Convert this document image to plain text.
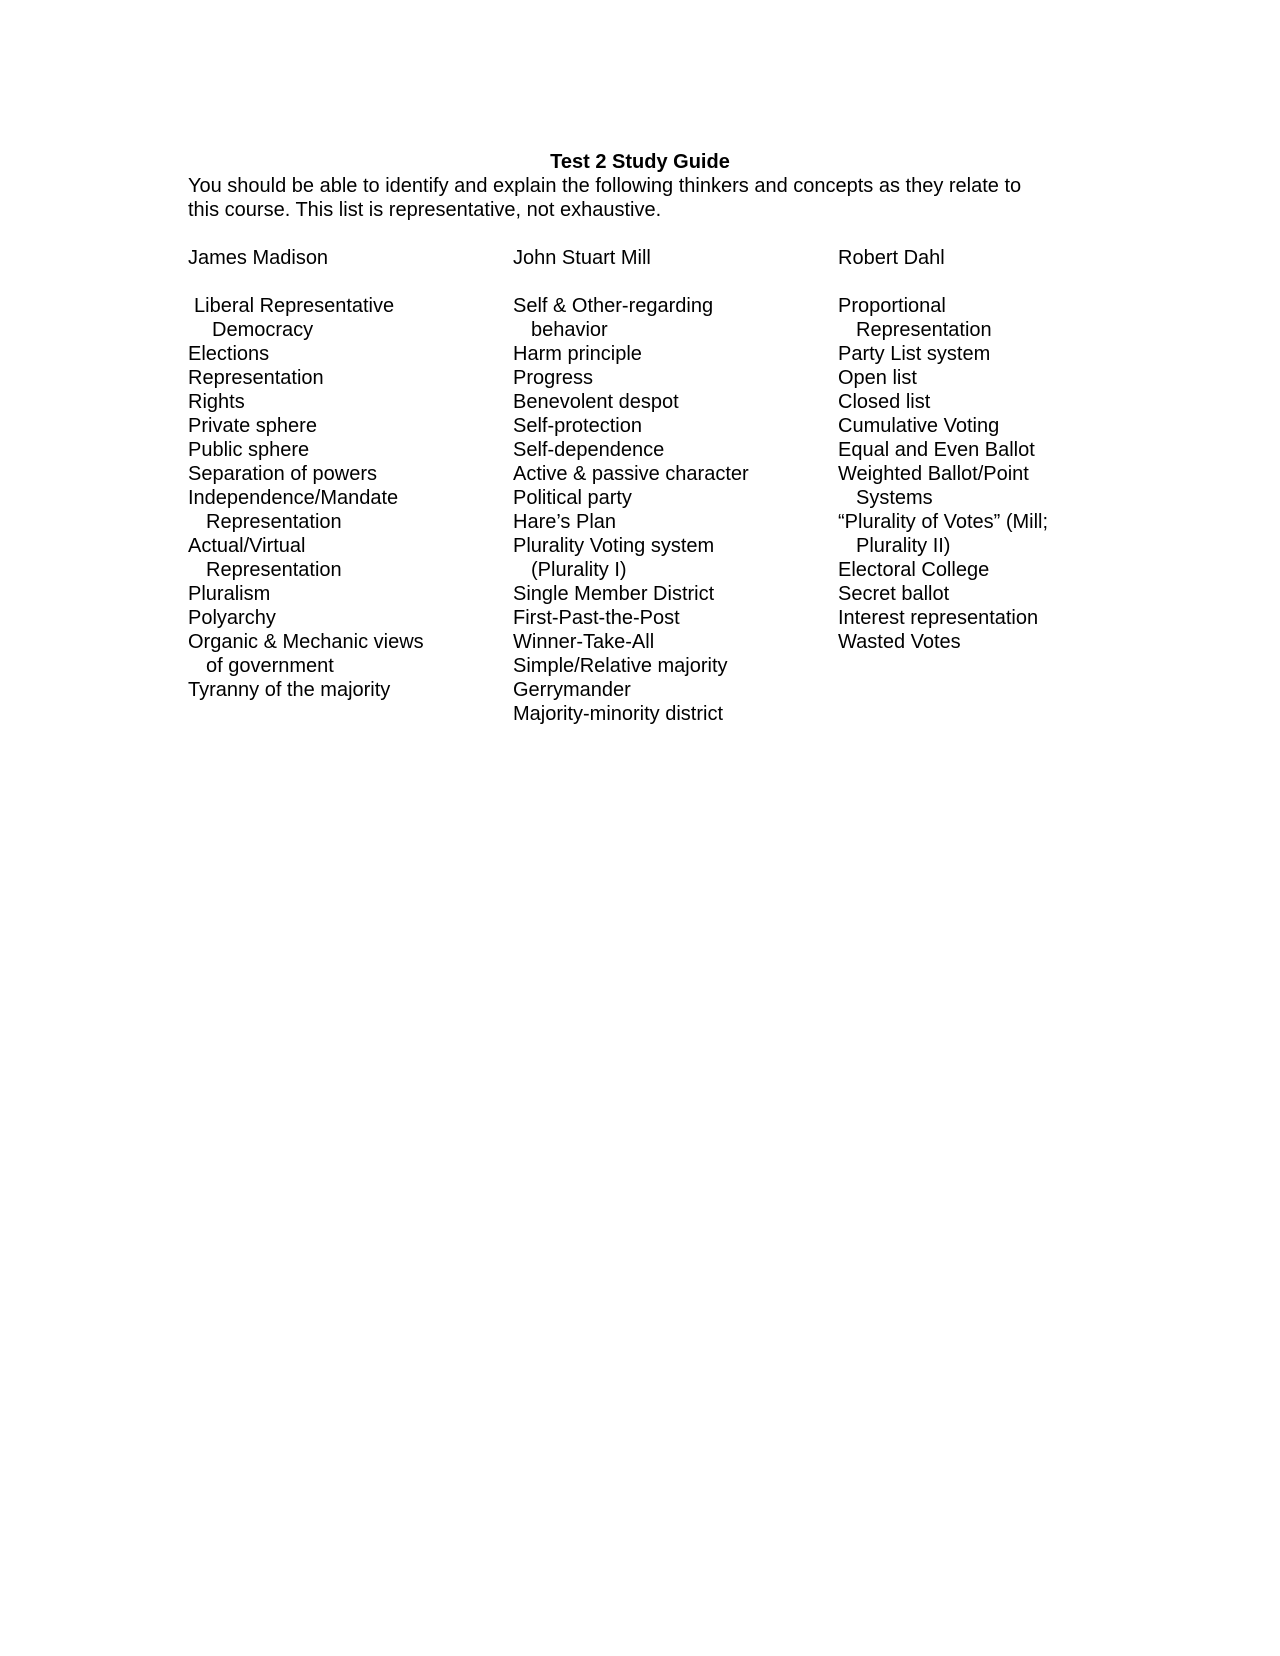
Test 2 Study Guide
You should be able to identify and explain the following thinkers and concepts as they relate to
this course. This list is representative, not exhaustive.
James Madison
Liberal Representative
Democracy
Elections
Representation
Rights
Private sphere
Public sphere
Separation of powers
Independence/Mandate
Representation
Actual/Virtual
Representation
Pluralism
Polyarchy
Organic & Mechanic views
of government
Tyranny of the majority
John Stuart Mill
Self & Other-regarding
behavior
Harm principle
Progress
Benevolent despot
Self-protection
Self-dependence
Active & passive character
Political party
Hare’s Plan
Plurality Voting system
(Plurality I)
Single Member District
First-Past-the-Post
Winner-Take-All
Simple/Relative majority
Gerrymander
Majority-minority district
Robert Dahl
Proportional
Representation
Party List system
Open list
Closed list
Cumulative Voting
Equal and Even Ballot
Weighted Ballot/Point
Systems
“Plurality of Votes” (Mill;
Plurality II)
Electoral College
Secret ballot
Interest representation
Wasted Votes
